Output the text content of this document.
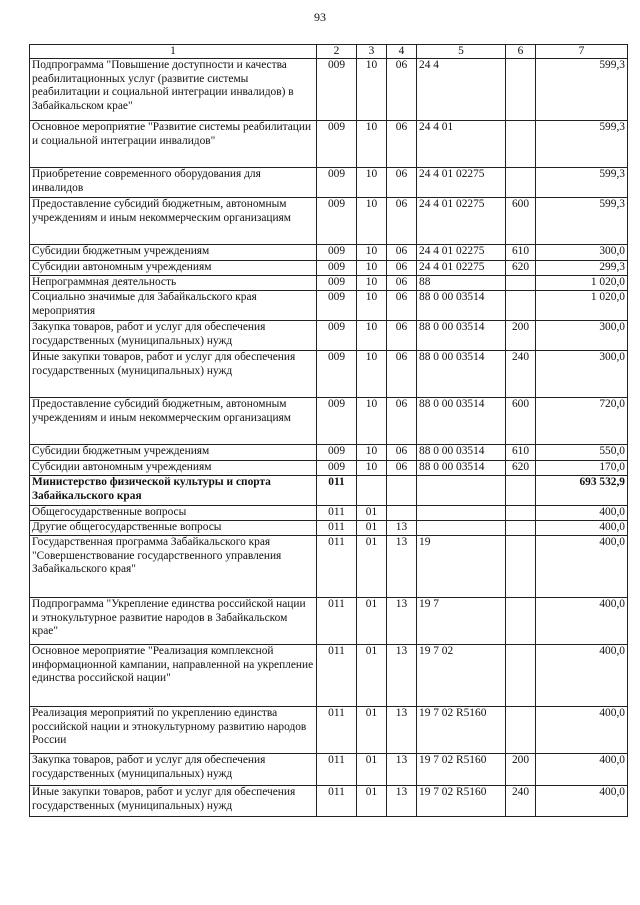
93
1	2	3	4	5	6	7
Подпрограмма "Повышение доступности и качества реабилитационных услуг (развитие системы реабилитации и социальной интеграции инвалидов) в Забайкальском крае"	009	10	06	24 4		599,3
Основное мероприятие "Развитие системы реабилитации и социальной интеграции инвалидов"	009	10	06	24 4 01		599,3
Приобретение современного оборудования для инвалидов	009	10	06	24 4 01 02275		599,3
Предоставление субсидий бюджетным, автономным учреждениям и иным некоммерческим организациям	009	10	06	24 4 01 02275	600	599,3
Субсидии бюджетным учреждениям	009	10	06	24 4 01 02275	610	300,0
Субсидии автономным учреждениям	009	10	06	24 4 01 02275	620	299,3
Непрограммная деятельность	009	10	06	88		1 020,0
Социально значимые для Забайкальского края мероприятия	009	10	06	88 0 00 03514		1 020,0
Закупка товаров, работ и услуг для обеспечения государственных (муниципальных) нужд	009	10	06	88 0 00 03514	200	300,0
Иные закупки товаров, работ и услуг для обеспечения государственных (муниципальных) нужд	009	10	06	88 0 00 03514	240	300,0
Предоставление субсидий бюджетным, автономным учреждениям и иным некоммерческим организациям	009	10	06	88 0 00 03514	600	720,0
Субсидии бюджетным учреждениям	009	10	06	88 0 00 03514	610	550,0
Субсидии автономным учреждениям	009	10	06	88 0 00 03514	620	170,0
Министерство физической культуры и спорта Забайкальского края	011					693 532,9
Общегосударственные вопросы	011	01				400,0
Другие общегосударственные вопросы	011	01	13			400,0
Государственная программа Забайкальского края "Совершенствование государственного управления Забайкальского края"	011	01	13	19		400,0
Подпрограмма "Укрепление единства российской нации и этнокультурное развитие народов в Забайкальском крае"	011	01	13	19 7		400,0
Основное мероприятие "Реализация комплексной информационной кампании, направленной на укрепление единства российской нации"	011	01	13	19 7 02		400,0
Реализация мероприятий по укреплению единства российской нации и этнокультурному развитию народов России	011	01	13	19 7 02 R5160		400,0
Закупка товаров, работ и услуг для обеспечения государственных (муниципальных) нужд	011	01	13	19 7 02 R5160	200	400,0
Иные закупки товаров, работ и услуг для обеспечения государственных (муниципальных) нужд	011	01	13	19 7 02 R5160	240	400,0
